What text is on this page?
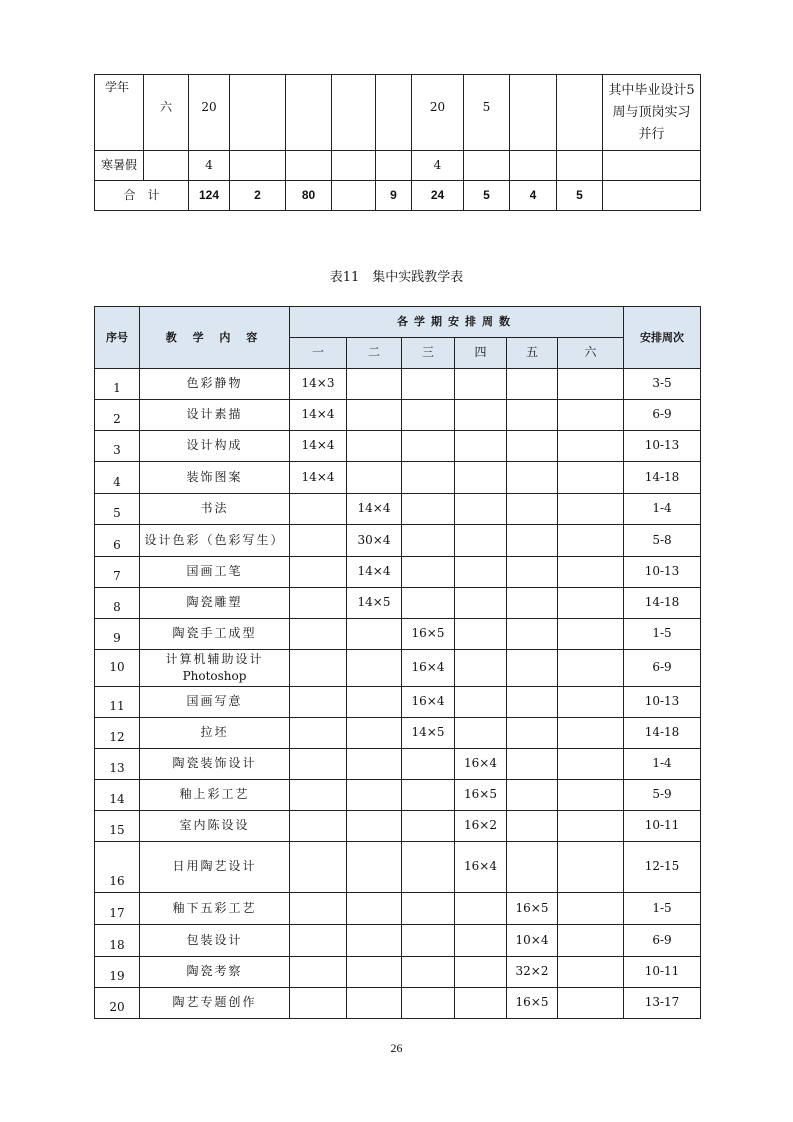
学年	六	20					20	5			其中毕业设计5周与顶岗实习并行
寒暑假		4					4				
合　计		124	2	80		9	24	5	4	5	
表11　集中实践教学表
序号	教 学 内 容	各学期安排周数						安排周次
		一	二	三	四	五	六	
1	色彩静物	14×3						3-5
2	设计素描	14×4						6-9
3	设计构成	14×4						10-13
4	装饰图案	14×4						14-18
5	书法		14×4					1-4
6	设计色彩（色彩写生）		30×4					5-8
7	国画工笔		14×4					10-13
8	陶瓷雕塑		14×5					14-18
9	陶瓷手工成型			16×5				1-5
10	计算机辅助设计
Photoshop			16×4				6-9
11	国画写意			16×4				10-13
12	拉坯			14×5				14-18
13	陶瓷装饰设计				16×4			1-4
14	釉上彩工艺				16×5			5-9
15	室内陈设设				16×2			10-11
16	日用陶艺设计				16×4			12-15
17	釉下五彩工艺					16×5		1-5
18	包装设计					10×4		6-9
19	陶瓷考察					32×2		10-11
20	陶艺专题创作					16×5		13-17
26
